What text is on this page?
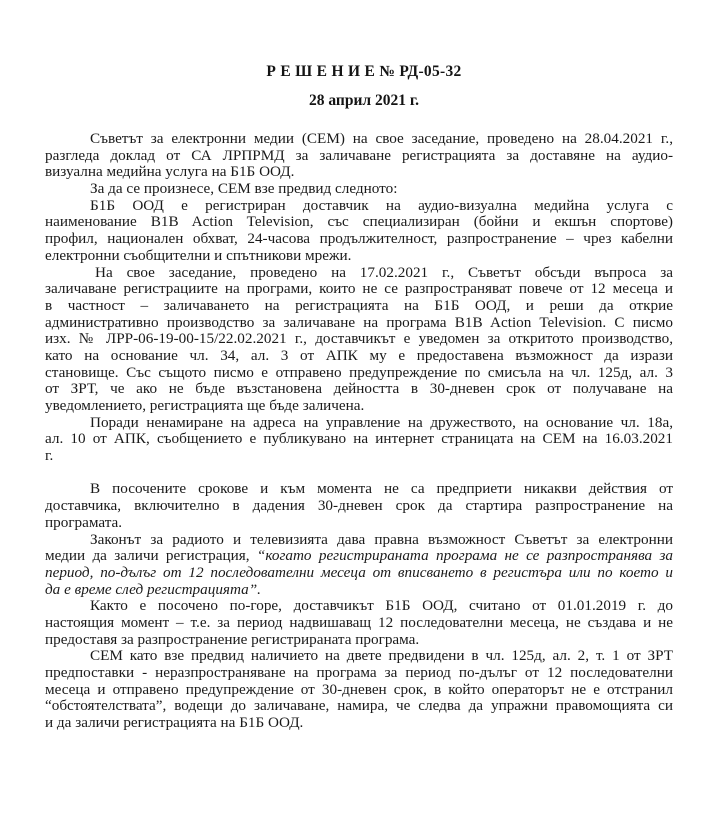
Р Е Ш Е Н И Е № РД-05-32
28 април 2021 г.
Съветът за електронни медии (СЕМ) на свое заседание, проведено на 28.04.2021 г.,
разгледа доклад от СА ЛРПРМД за заличаване регистрацията за доставяне на аудио-
визуална медийна услуга на Б1Б ООД.
За да се произнесе, СЕМ взе предвид следното:
Б1Б ООД е регистриран доставчик на аудио-визуална медийна услуга с
наименование B1B Action Television, със специализиран (бойни и екшън спортове)
профил, национален обхват, 24-часова продължителност, разпространение – чрез кабелни
електронни съобщителни и спътникови мрежи.
На свое заседание, проведено на 17.02.2021 г., Съветът обсъди въпроса за
заличаване регистрациите на програми, които не се разпространяват повече от 12 месеца и
в частност – заличаването на регистрацията на Б1Б ООД, и реши да открие
административно производство за заличаване на програма B1B Action Television. С писмо
изх. № ЛРР-06-19-00-15/22.02.2021 г., доставчикът е уведомен за откритото производство,
като на основание чл. 34, ал. 3 от АПК му е предоставена възможност да изрази
становище. Със същото писмо е отправено предупреждение по смисъла на чл. 125д, ал. 3
от ЗРТ, че ако не бъде възстановена дейността в 30-дневен срок от получаване на
уведомлението, регистрацията ще бъде заличена.
Поради ненамиране на адреса на управление на дружеството, на основание чл. 18а,
ал. 10 от АПК, съобщението е публикувано на интернет страницата на СЕМ на 16.03.2021
г.
В посочените срокове и към момента не са предприети никакви действия от
доставчика, включително в дадения 30-дневен срок да стартира разпространение на
програмата.
Законът за радиото и телевизията дава правна възможност Съветът за електронни
медии да заличи регистрация, “когато регистрираната програма не се разпространява за
период, по-дълъг от 12 последователни месеца от вписването в регистъра или по което и
да е време след регистрацията”.
Както е посочено по-горе, доставчикът Б1Б ООД, считано от 01.01.2019 г. до
настоящия момент – т.е. за период надвишаващ 12 последователни месеца, не създава и не
предоставя за разпространение регистрираната програма.
СЕМ като взе предвид наличието на двете предвидени в чл. 125д, ал. 2, т. 1 от ЗРТ
предпоставки - неразпространяване на програма за период по-дълъг от 12 последователни
месеца и отправено предупреждение от 30-дневен срок, в който операторът не е отстранил
“обстоятелствата”, водещи до заличаване, намира, че следва да упражни правомощията си
и да заличи регистрацията на Б1Б ООД.
